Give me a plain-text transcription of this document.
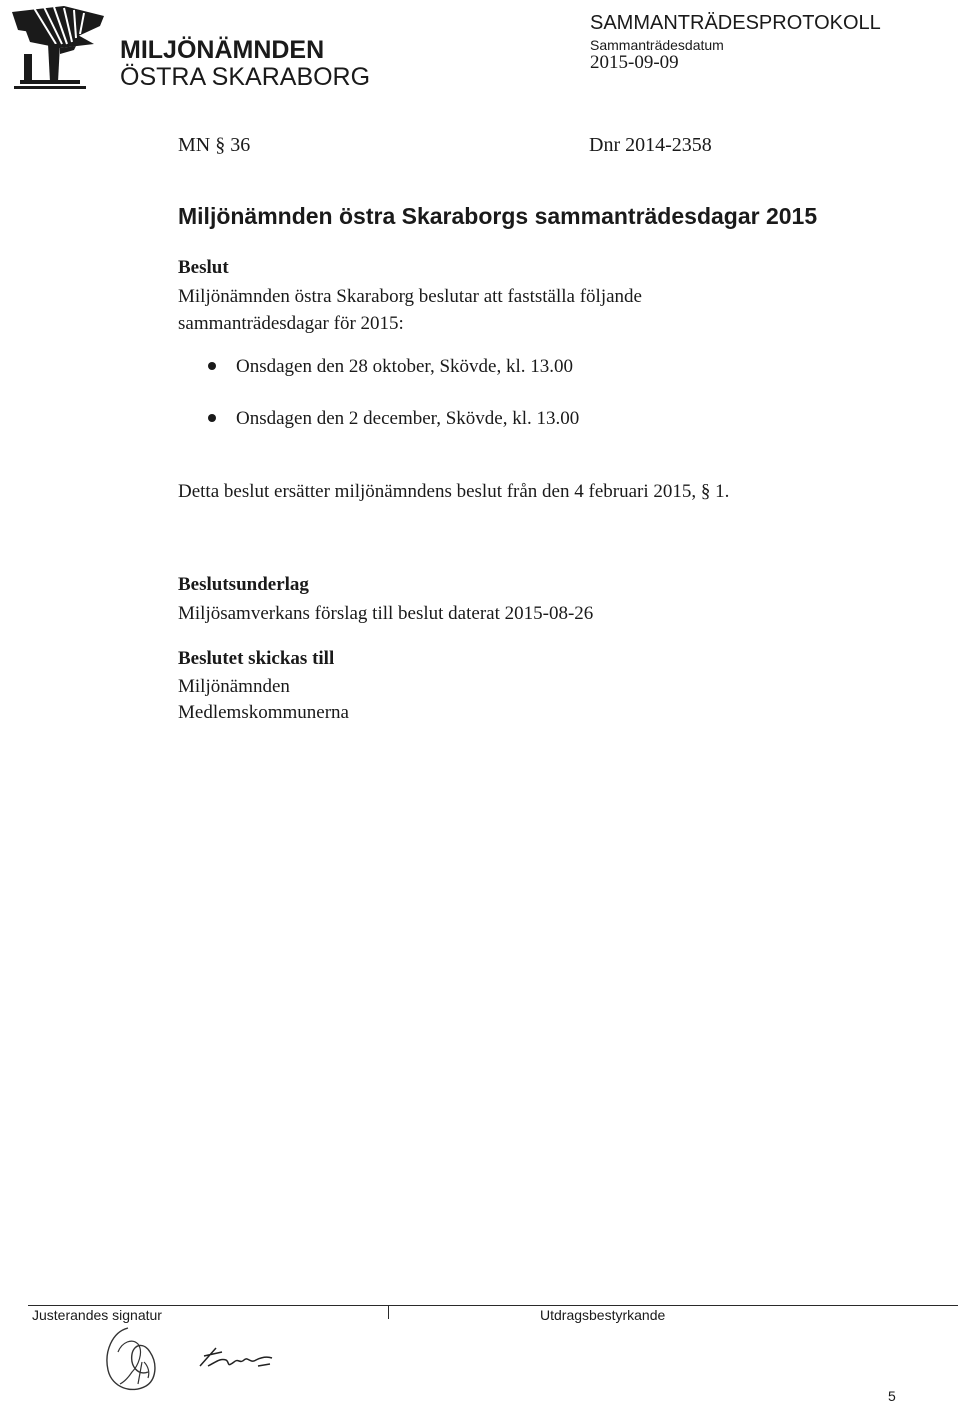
MILJÖNÄMNDEN
ÖSTRA SKARABORG
SAMMANTRÄDESPROTOKOLL
Sammanträdesdatum
2015-09-09
MN § 36	Dnr 2014-2358
Miljönämnden östra Skaraborgs sammanträdesdagar 2015
Beslut
Miljönämnden östra Skaraborg beslutar att fastställa följande sammanträdesdagar för 2015:
Onsdagen den 28 oktober, Skövde, kl. 13.00
Onsdagen den 2 december, Skövde, kl. 13.00
Detta beslut ersätter miljönämndens beslut från den 4 februari 2015, § 1.
Beslutsunderlag
Miljösamverkans förslag till beslut daterat 2015-08-26
Beslutet skickas till
Miljönämnden
Medlemskommunerna
Justerandes signatur	Utdragsbestyrkande
5
